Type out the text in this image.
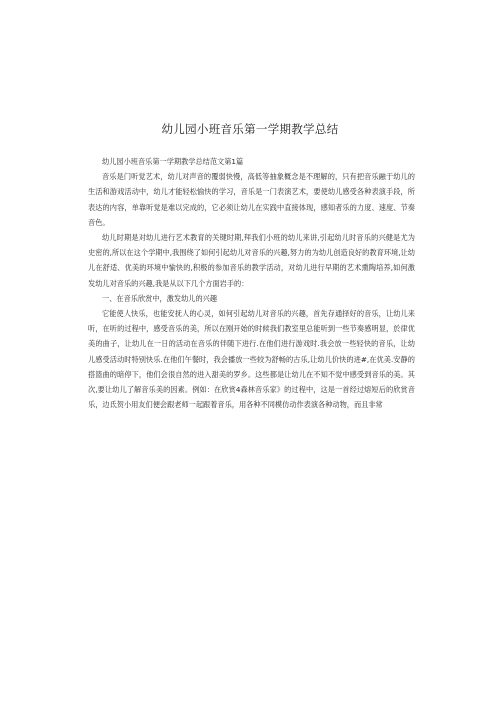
幼儿园小班音乐第一学期教学总结

幼儿园小班音乐第一学期教学总结范文第1篇

音乐是门听觉艺术，幼儿对声音的覆弱快慢，高低等抽象概念是不理解的，只有把音乐融于幼儿的生活和游戏活动中，幼儿才能轻松愉快的学习，音乐是一门表演艺术，要使幼儿感受各种表演手段，所表达的内容，单靠听觉是难以完成的，它必须让幼儿在实践中直接体现，感知者乐的力度、速度、节奏音色。

幼儿时期是对幼儿进行艺术教育的关键时期,拜我们小班的幼儿来讲,引起幼儿时音乐的兴健是尤为史密的,所以在这个学期中,我围绕了如何引起幼儿对音乐的兴趣,努力的为幼儿创造良好的教育环境,让幼儿在舒适、优美的环境中愉快的,积极的参加音乐的教学活动，对幼儿进行早期的艺术熏陶培养,如何激发幼儿对音乐的兴趣,我是从以下几个方面岩手的：

一、在音乐欣赏中，激发幼儿的兴趣

它能使人快乐，也能安抚人的心灵，如何引起幼儿对音乐的兴趣，首先存通择好的音乐，让幼儿来听，在听的过程中，感受音乐的美，所以在刚开始的时候我们教室里总能听到一些节奏感明显，於律优美的曲子，让幼儿在一日的活动在音乐的伴随下进行.在他们进行游戏时.我会放一些轻快的音乐，让幼儿感受活动时特别快乐.在他们午餐时，我会播放一些较为舒畅的古乐,让幼儿价快的进#,在优美.安静的搭篮曲的暗停下，他们会很自然的进入甜美的罗乡。这些都是让幼儿在不知不觉中感受到音乐的美。其次,要让幼儿了解音乐美的因素。例如：在欣赏4森林音乐家》的过程中，这是一首经过熔短后的欣赏音乐，边氐贺小用友们便会跟老师一起跟着音乐，用各种不同模仿动作表演各种动物，而且非常
